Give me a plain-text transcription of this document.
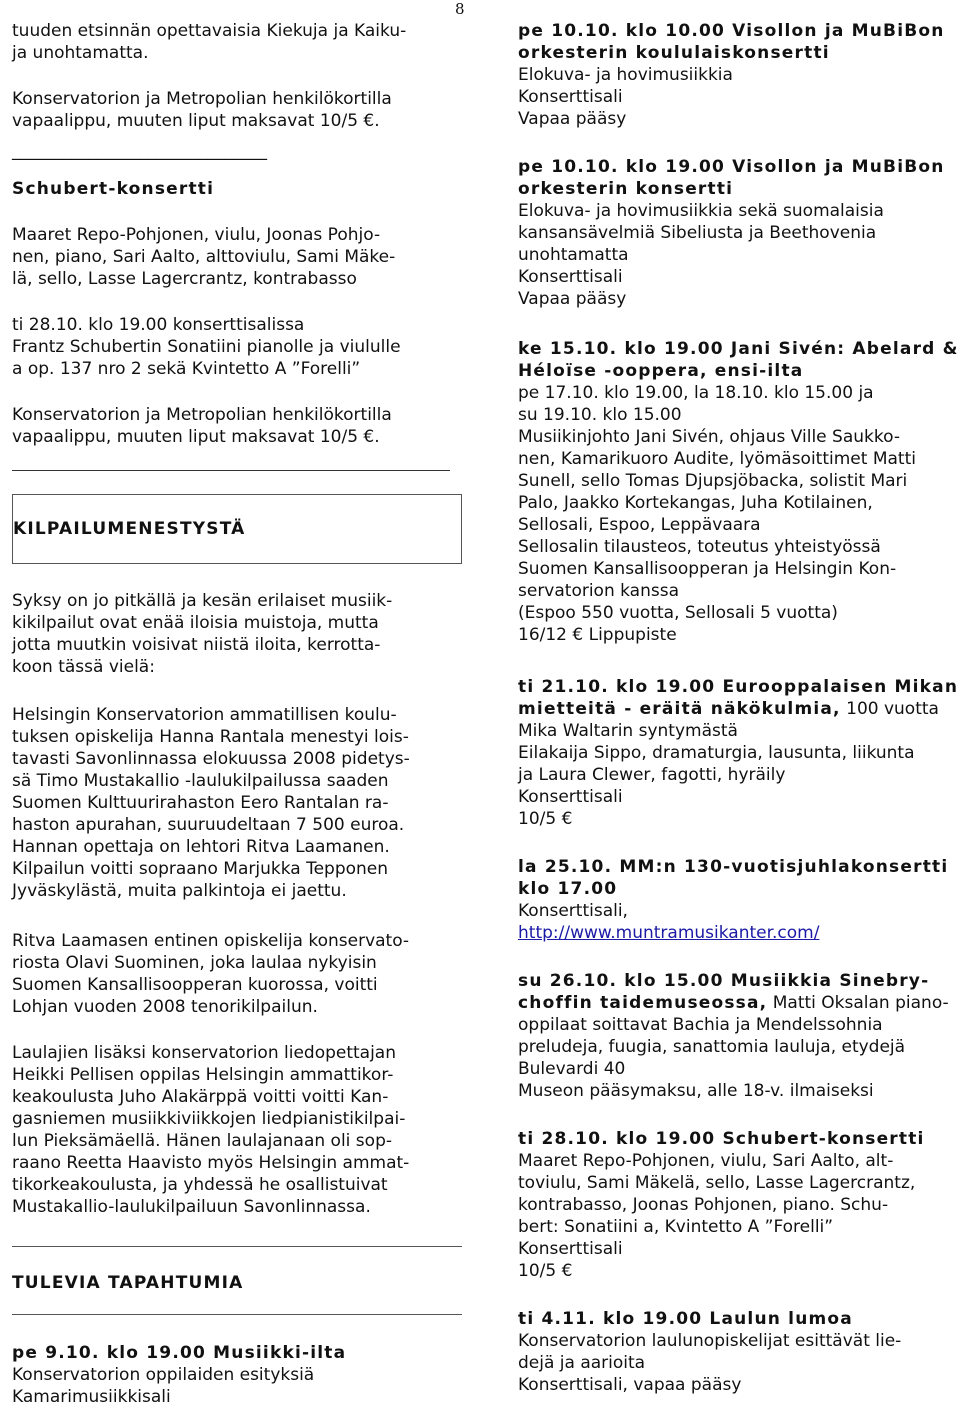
8
tuuden etsinnän opettavaisia Kiekuja ja Kaiku-
ja unohtamatta.
Konservatorion ja Metropolian henkilökortilla
vapaalippu, muuten liput maksavat 10/5 €.
______________________________
Schubert-konsertti
Maaret Repo-Pohjonen, viulu, Joonas Pohjo-
nen, piano, Sari Aalto, alttoviulu, Sami Mäke-
lä, sello, Lasse Lagercrantz, kontrabasso
ti 28.10. klo 19.00 konserttisalissa
Frantz Schubertin Sonatiini pianolle ja viululle
a op. 137 nro 2 sekä Kvintetto A ”Forelli”
Konservatorion ja Metropolian henkilökortilla
vapaalippu, muuten liput maksavat 10/5 €.
KILPAILUMENESTYSTÄ
Syksy on jo pitkällä ja kesän erilaiset musiik-
kikilpailut ovat enää iloisia muistoja, mutta
jotta muutkin voisivat niistä iloita, kerrotta-
koon tässä vielä:
Helsingin Konservatorion ammatillisen koulu-
tuksen opiskelija Hanna Rantala menestyi lois-
tavasti Savonlinnassa elokuussa 2008 pidetys-
sä Timo Mustakallio -laulukilpailussa saaden
Suomen Kulttuurirahaston Eero Rantalan ra-
haston apurahan, suuruudeltaan 7 500 euroa.
Hannan opettaja on lehtori Ritva Laamanen.
Kilpailun voitti sopraano Marjukka Tepponen
Jyväskylästä, muita palkintoja ei jaettu.
Ritva Laamasen entinen opiskelija konservato-
riosta Olavi Suominen, joka laulaa nykyisin
Suomen Kansallisoopperan kuorossa, voitti
Lohjan vuoden 2008 tenorikilpailun.
Laulajien lisäksi konservatorion liedopettajan
Heikki Pellisen oppilas Helsingin ammattikor-
keakoulusta Juho Alakärppä voitti voitti Kan-
gasniemen musiikkiviikkojen liedpianistikilpai-
lun Pieksämäellä. Hänen laulajanaan oli sop-
raano Reetta Haavisto myös Helsingin ammat-
tikorkeakoulusta, ja yhdessä he osallistuivat
Mustakallio-laulukilpailuun Savonlinnassa.
TULEVIA TAPAHTUMIA
pe 9.10. klo 19.00 Musiikki-ilta
Konservatorion oppilaiden esityksiä
Kamarimusiikkisali
pe 10.10. klo 10.00 Visollon ja MuBiBon
orkesterin koululaiskonsertti
Elokuva- ja hovimusiikkia
Konserttisali
Vapaa pääsy
pe 10.10. klo 19.00 Visollon ja MuBiBon
orkesterin konsertti
Elokuva- ja hovimusiikkia sekä suomalaisia
kansansävelmiä Sibeliusta ja Beethovenia
unohtamatta
Konserttisali
Vapaa pääsy
ke 15.10. klo 19.00 Jani Sivén: Abelard &
Héloïse -ooppera, ensi-ilta
pe 17.10. klo 19.00, la 18.10. klo 15.00 ja
su 19.10. klo 15.00
Musiikinjohto Jani Sivén, ohjaus Ville Saukko-
nen, Kamarikuoro Audite, lyömäsoittimet Matti
Sunell, sello Tomas Djupsjöbacka, solistit Mari
Palo, Jaakko Kortekangas, Juha Kotilainen,
Sellosali, Espoo, Leppävaara
Sellosalin tilausteos, toteutus yhteistyössä
Suomen Kansallisoopperan ja Helsingin Kon-
servatorion kanssa
(Espoo 550 vuotta, Sellosali 5 vuotta)
16/12 € Lippupiste
ti 21.10. klo 19.00 Eurooppalaisen Mikan
mietteitä - eräitä näkökulmia, 100 vuotta
Mika Waltarin syntymästä
Eilakaija Sippo, dramaturgia, lausunta, liikunta
ja Laura Clewer, fagotti, hyräily
Konserttisali
10/5 €
la 25.10. MM:n 130-vuotisjuhlakonsertti
klo 17.00
Konserttisali,
http://www.muntramusikanter.com/
su 26.10. klo 15.00 Musiikkia Sinebry-
choffin taidemuseossa, Matti Oksalan piano-
oppilaat soittavat Bachia ja Mendelssohnia
preludeja, fuugia, sanattomia lauluja, etydejä
Bulevardi 40
Museon pääsymaksu, alle 18-v. ilmaiseksi
ti 28.10. klo 19.00 Schubert-konsertti
Maaret Repo-Pohjonen, viulu, Sari Aalto, alt-
toviulu, Sami Mäkelä, sello, Lasse Lagercrantz,
kontrabasso, Joonas Pohjonen, piano. Schu-
bert: Sonatiini a, Kvintetto A ”Forelli”
Konserttisali
10/5 €
ti 4.11. klo 19.00 Laulun lumoa
Konservatorion laulunopiskelijat esittävät lie-
dejä ja aarioita
Konserttisali, vapaa pääsy
